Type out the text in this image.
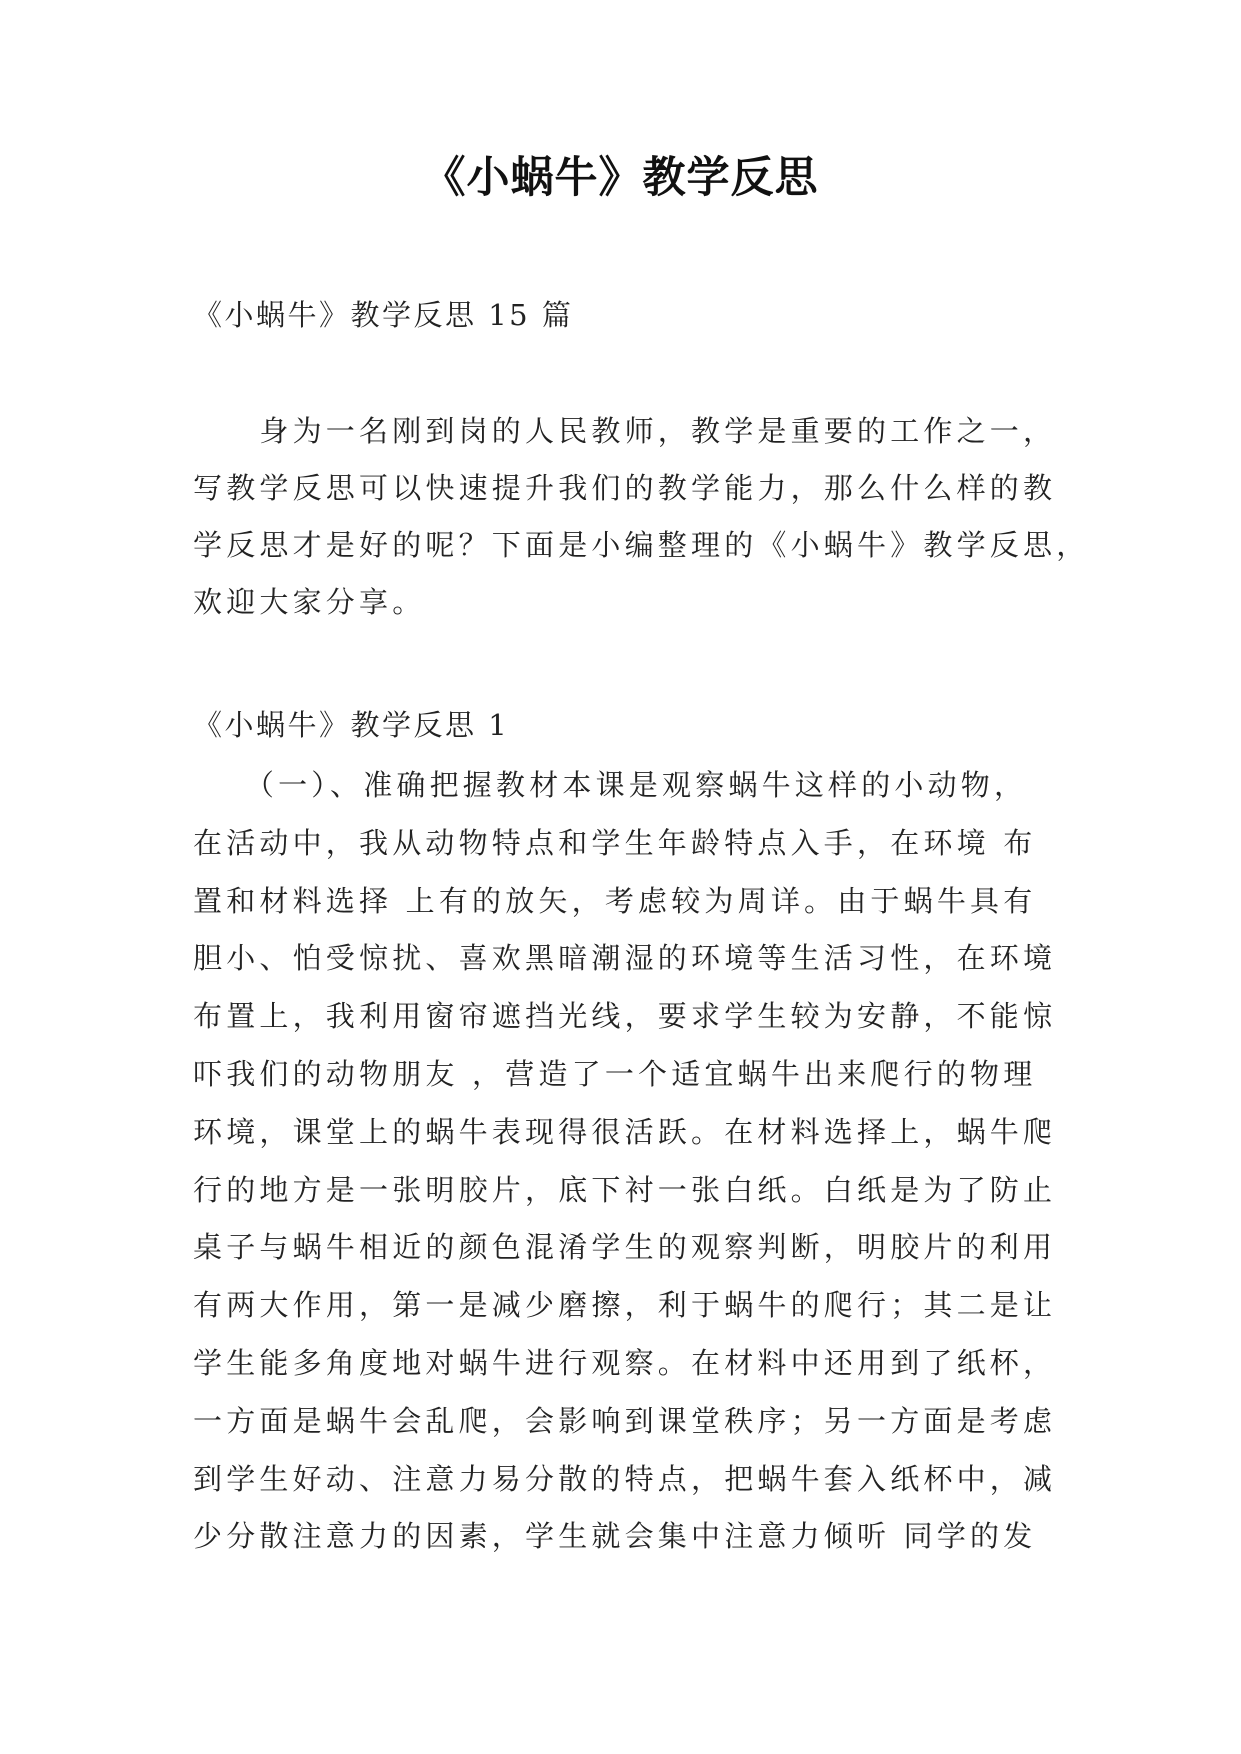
《小蜗牛》教学反思
《小蜗牛》教学反思 15 篇
　　身为一名刚到岗的人民教师，教学是重要的工作之一，
写教学反思可以快速提升我们的教学能力，那么什么样的教
学反思才是好的呢？下面是小编整理的《小蜗牛》教学反思，
欢迎大家分享。
《小蜗牛》教学反思 1
　　（一）、准确把握教材本课是观察蜗牛这样的小动物，
在活动中，我从动物特点和学生年龄特点入手，在环境 布
置和材料选择 上有的放矢，考虑较为周详。由于蜗牛具有
胆小、怕受惊扰、喜欢黑暗潮湿的环境等生活习性，在环境
布置上，我利用窗帘遮挡光线，要求学生较为安静，不能惊
吓我们的动物朋友 ，营造了一个适宜蜗牛出来爬行的物理
环境，课堂上的蜗牛表现得很活跃。在材料选择上，蜗牛爬
行的地方是一张明胶片，底下衬一张白纸。白纸是为了防止
桌子与蜗牛相近的颜色混淆学生的观察判断，明胶片的利用
有两大作用，第一是减少磨擦，利于蜗牛的爬行；其二是让
学生能多角度地对蜗牛进行观察。在材料中还用到了纸杯，
一方面是蜗牛会乱爬，会影响到课堂秩序；另一方面是考虑
到学生好动、注意力易分散的特点，把蜗牛套入纸杯中，减
少分散注意力的因素，学生就会集中注意力倾听 同学的发
